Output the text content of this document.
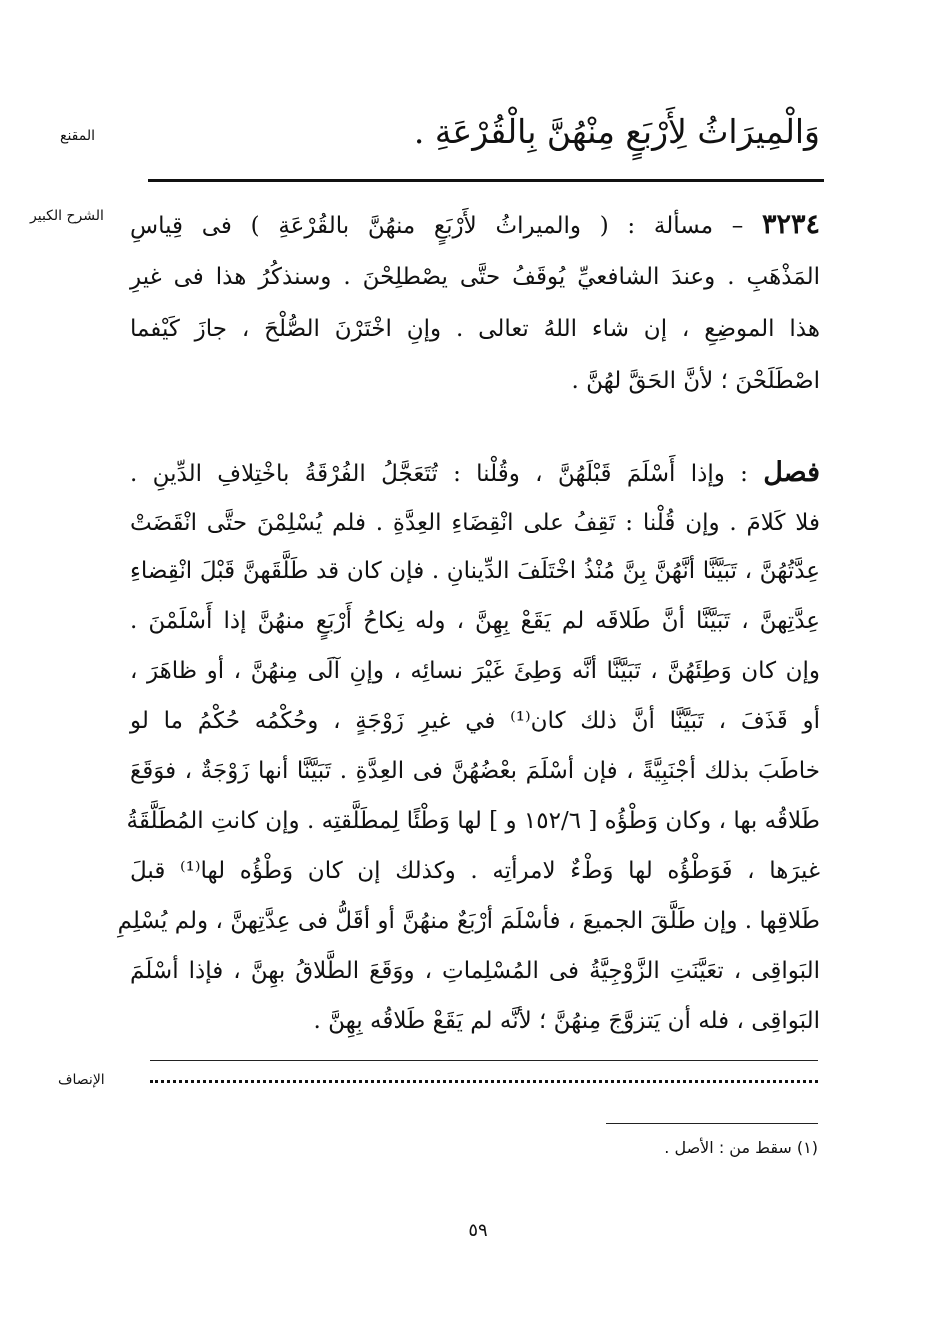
المقنع
الشرح الكبير
الإنصاف
وَالْمِيرَاثُ لِأَرْبَعٍ مِنْهُنَّ بِالْقُرْعَةِ .
٣٢٣٤ – مسألة : ( والميراثُ لأَرْبَعٍ منهُنَّ بالقُرْعَةِ ) فى قِياسِ
المَذْهَبِ . وعندَ الشافعيِّ يُوقَفُ حتَّى يصْطلِحْنَ . وسنذكُرُ هذا فى غيرِ
هذا الموضِعِ ، إن شاء اللهُ تعالى . وإنِ اخْتَرْنَ الصُّلْحَ ، جازَ كَيْفما
اصْطَلَحْنَ ؛ لأنَّ الحَقَّ لهُنَّ .
فصل : وإذا أَسْلَمَ قَبْلَهُنَّ ، وقُلْنا : تُتَعَجَّلُ الفُرْقَةُ باخْتِلافِ الدِّينِ .
فلا كَلامَ . وإن قُلْنا : تَقِفُ على انْقِضَاءِ العِدَّةِ . فلم يُسْلِمْنَ حتَّى انْقَضَتْ
عِدَّتُهُنَّ ، تَبَيَّنَّا أنَّهُنَّ بِنَّ مُنْذُ اخْتَلَفَ الدِّينانِ . فإن كان قد طَلَّقَهنَّ قَبْلَ انْقِضاءِ
عِدَّتِهنَّ ، تَبَيَّنَّا أنَّ طَلاقَه لم يَقَعْ بِهِنَّ ، وله نِكاحُ أَرْبَعٍ منهُنَّ إذا أَسْلَمْنَ .
وإن كان وَطِئَهُنَّ ، تَبَيَّنَّا أنَّه وَطِئَ غَيْرَ نسائِه ، وإنِ آلَى مِنهُنَّ ، أو ظاهَرَ ،
أو قَذَفَ ، تَبَيَّنَّا أنَّ ذلك كان⁽¹⁾ في غيرِ زَوْجَةٍ ، وحُكْمُه حُكْمُ ما لو
خاطَبَ بذلك أجْنَبِيَّةً ، فإن أسْلَمَ بعْضُهُنَّ فى العِدَّةِ . تَبَيَّنَّا أنها زَوْجَةٌ ، فوَقَعَ
طَلاقُه بها ، وكان وَطْؤُه [ ١٥٢/٦ و ] لها وَطْئًا لِمطَلَّقتِه . وإن كانتِ المُطَلَّقَةُ
غيرَها ، فَوَطْؤُه لها وَطْءٌ لامرأتِه . وكذلك إن كان وَطْؤُه لها⁽¹⁾ قبلَ
طَلاقِها . وإن طَلَّقَ الجميعَ ، فأسْلَمَ أرْبَعٌ منهُنَّ أو أقَلُّ فى عِدَّتِهنَّ ، ولم يُسْلِمِ
البَواقِى ، تعَيَّنَتِ الزَّوْجِيَّةُ فى المُسْلِماتِ ، ووَقَعَ الطَّلاقُ بهِنَّ ، فإذا أسْلَمَ
البَواقِى ، فله أن يَتزوَّجَ مِنهُنَّ ؛ لأنَّه لم يَقَعْ طَلاقُه بِهِنَّ .
(١) سقط من : الأصل .
٥٩
